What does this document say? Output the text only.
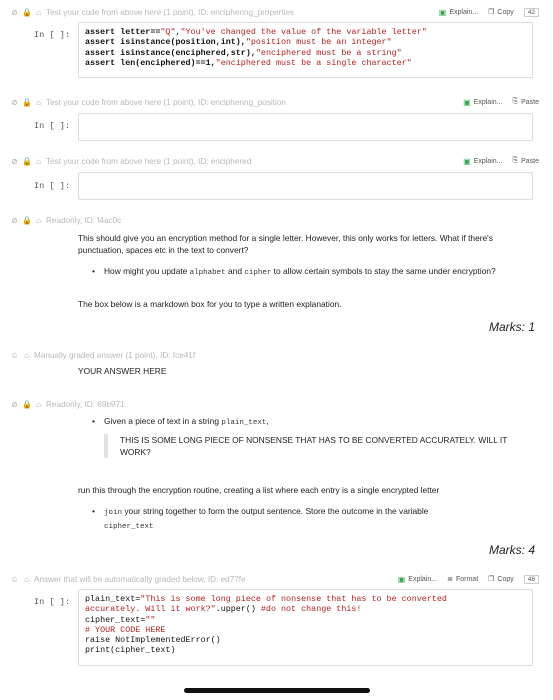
⊘ 🔒 ⌂ Test your code from above here (1 point), ID: enciphering_properties	▣ Explain... ❐ Copy	42
In [ ]:	assert letter=="Q","You've changed the value of the variable letter"
assert isinstance(position,int),"position must be an integer"
assert isinstance(enciphered,str),"enciphered must be a string"
assert len(enciphered)==1,"enciphered must be a single character"
⊘ 🔒 ⌂ Test your code from above here (1 point), ID: enciphering_position	▣ Explain... ⎘ Paste
In [ ]:
⊘ 🔒 ⌂ Test your code from above here (1 point), ID: enciphered	▣ Explain... ⎘ Paste
In [ ]:
⊘ 🔒 ⌂ Readonly, ID: f4ac0c
This should give you an encryption method for a single letter. However, this only works for letters. What if there's punctuation, spaces etc in the text to convert?
• How might you update alphabet and cipher to allow certain symbols to stay the same under encryption?
The box below is a markdown box for you to type a written explanation.
Marks: 1
☺ ⌂ Manually graded answer (1 point), ID: fce41f
YOUR ANSWER HERE
⊘ 🔒 ⌂ Readonly, ID: 69b971
• Given a piece of text in a string plain_text,
THIS IS SOME LONG PIECE OF NONSENSE THAT HAS TO BE CONVERTED ACCURATELY. WILL IT WORK?
run this through the encryption routine, creating a list where each entry is a single encrypted letter
• join your string together to form the output sentence. Store the outcome in the variable
cipher_text
Marks: 4
☺ ⌂ Answer that will be automatically graded below, ID: ed77fe	▣ Explain... ≣ Format ❐ Copy	48
In [ ]:	plain_text="This is some long piece of nonsense that has to be converted
accurately. Will it work?".upper() #do not change this!
cipher_text=""
# YOUR CODE HERE
raise NotImplementedError()
print(cipher_text)
